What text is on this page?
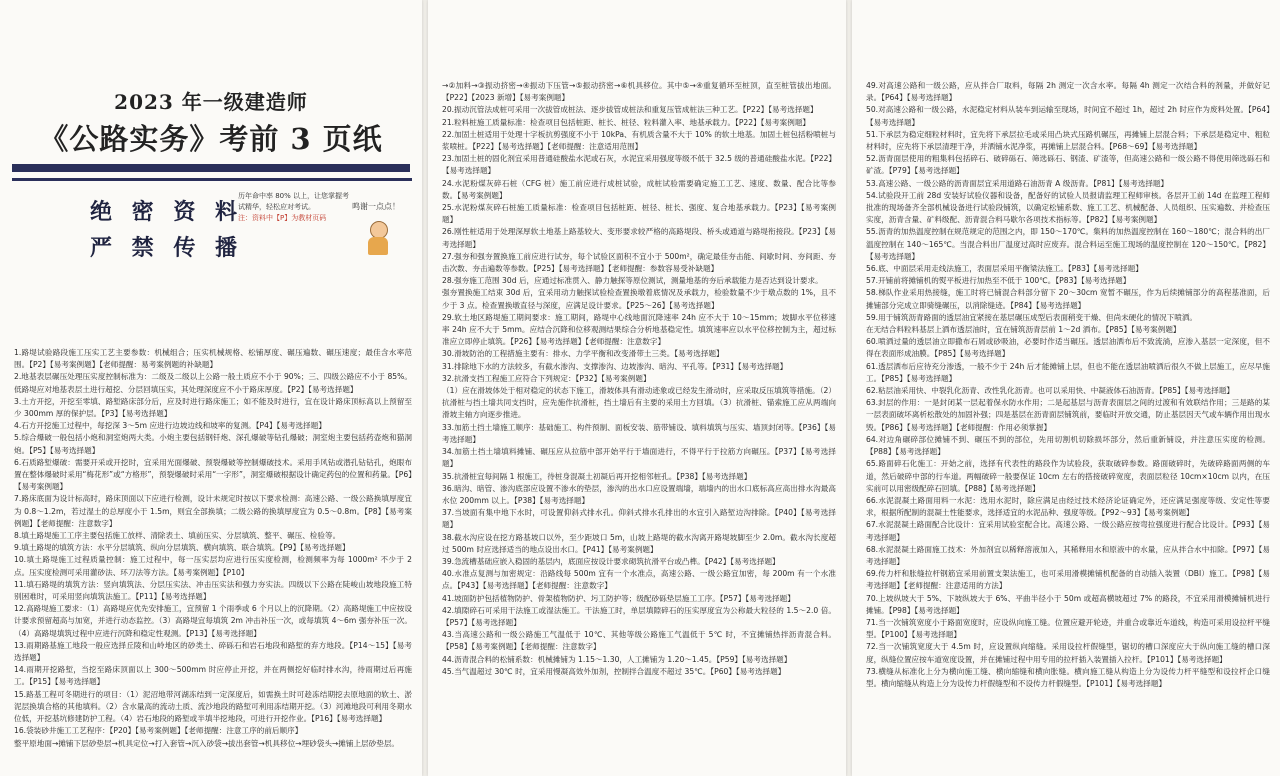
2023 年一级建造师
《公路实务》考前 3 页纸
绝 密 资 料
严 禁 传 播
历年命中率 80% 以上，让您掌握考试精华，轻松应对考试。
注：资料中【P】为教材页码
鸣谢一点点！

1.路堤试验路段施工压实工艺主要参数：机械组合；压实机械规格、松铺厚度、碾压遍数、碾压速度；最佳含水率范围。【P2】【易考案例题】【老师提醒：易考案例题的补缺题】

2.地基表层碾压处理压实度控制标准为：二级及二级以上公路一般土质应不小于 90%；三、四级公路应不小于 85%。低路堤应对地基表层土进行超挖、分层回填压实，其处理深度应不小于路床厚度。【P2】【易考选择题】

3.土方开挖，开挖至零填、路堑路床部分后，应及时进行路床施工；如不能及时进行，宜在设计路床顶标高以上预留至少 300mm 厚的保护层。【P3】【易考选择题】

4.石方开挖施工过程中，每挖深 3～5m 应进行边坡边线和坡率的复测。【P4】【易考选择题】

5.综合爆破一般包括小炮和洞室炮两大类。小炮主要包括钢钎炮、深孔爆破等钻孔爆破；洞室炮主要包括药壶炮和猫洞炮。【P5】【易考选择题】

6.石质路堑爆破：需要开采或开挖时，宜采用光面爆破、预裂爆破等控制爆破技术。采用手风钻或潜孔钻钻孔，炮眼布置在整体爆破时采用“梅花形”或“方格形”，预裂爆破时采用“一字形”，洞室爆破根据设计确定药包的位置和药量。【P6】【易考案例题】

7.路床底面为设计标高时，路床顶面以下应进行检测，设计未规定时按以下要求检测：高速公路、一级公路换填厚度宜为 0.8～1.2m，若过湿土的总厚度小于 1.5m，则宜全部换填；二级公路的换填厚度宜为 0.5～0.8m。【P8】【易考案例题】【老师提醒：注意数字】

8.填土路堤施工工序主要包括施工放样、清除表土、填前压实、分层填筑、整平、碾压、检验等。

9.填土路堤的填筑方法：水平分层填筑、纵向分层填筑、横向填筑、联合填筑。【P9】【易考选择题】

10.填土路堤施工过程质量控制：施工过程中，每一压实层均应进行压实度检测，检测频率为每 1000m² 不少于 2 点。压实度检测可采用灌砂法、环刀法等方法。【易考案例题】【P10】

11.填石路堤的填筑方法：竖向填筑法、分层压实法、冲击压实法和强力夯实法。四级以下公路在陡峻山坡地段施工特别困难时，可采用竖向填筑法施工。【P11】【易考选择题】

12.高路堤施工要求：（1）高路堤应优先安排施工，宜预留 1 个雨季或 6 个月以上的沉降期。（2）高路堤施工中应按设计要求预留超高与加宽，并进行动态监控。（3）高路堤宜每填筑 2m 冲击补压一次，或每填筑 4～6m 强夯补压一次。（4）高路堤填筑过程中应进行沉降和稳定性观测。【P13】【易考选择题】

13.雨期路基施工地段一般应选择丘陵和山岭地区的砂类土、碎砾石和岩石地段和路堑的弃方地段。【P14～15】【易考选择题】

14.雨期开挖路堑，当挖至路床顶面以上 300～500mm 时应停止开挖，并在两侧挖好临时排水沟，待雨期过后再施工。【P15】【易考选择题】

15.路基工程可冬期进行的项目：（1）泥沼地带河湖冻结到一定深度后，如需换土时可趁冻结期挖去原地面的软土、淤泥层换填合格的其他填料。（2）含水量高的流动土质、流沙地段的路堑可利用冻结期开挖。（3）河滩地段可利用冬期水位低，开挖基坑修建防护工程。（4）岩石地段的路堑或半填半挖地段，可进行开挖作业。【P16】【易考选择题】

16.袋装砂井施工工艺程序：【P20】【易考案例题】【老师提醒：注意工序的前后顺序】

整平原地面→摊铺下层砂垫层→机具定位→打入套管→沉入砂袋→拔出套管→机具移位→埋砂袋头→摊铺上层砂垫层。

→②加料→③振动挤密→④振动下压管→⑤振动挤密→⑥机具移位。其中⑤→④重复循环至桩顶，直至桩管拔出地面。【P22】【2023 新增】【易考案例题】

20.振动沉管法成桩可采用一次拔管成桩法、逐步拔管成桩法和重复压管成桩法三种工艺。【P22】【易考选择题】

21.粒料桩施工质量标准：检查项目包括桩距、桩长、桩径、粒料灌入率、地基承载力。【P22】【易考案例题】

22.加固土桩适用于处理十字板抗剪强度不小于 10kPa、有机质含量不大于 10% 的软土地基。加固土桩包括粉喷桩与浆喷桩。【P22】【易考选择题】【老师提醒：注意适用范围】

23.加固土桩的固化剂宜采用普通硅酸盐水泥或石灰，水泥宜采用强度等级不低于 32.5 级的普通硅酸盐水泥。【P22】【易考选择题】

24.水泥粉煤灰碎石桩（CFG 桩）施工前应进行成桩试验，成桩试验需要确定施工工艺、速度、数量、配合比等参数。【易考案例题】

25.水泥粉煤灰碎石桩施工质量标准：检查项目包括桩距、桩径、桩长、强度、复合地基承载力。【P23】【易考案例题】

26.刚性桩适用于处理深厚软土地基上路基较大、变形要求较严格的高路堤段、桥头或通道与路堤衔接段。【P23】【易考选择题】

27.强夯和强夯置换施工前应进行试夯，每个试验区面积不宜小于 500m²，确定最佳夯击能、间歇时间、夯间距、夯击次数、夯击遍数等参数。【P25】【易考选择题】【老师提醒：参数容易受补缺题】

28.强夯施工范围 30d 后，应通过标准贯入、静力触探等原位测试，测量地基的夯后承载能力是否达到设计要求。

强夯置换施工结束 30d 后，宜采用动力触探试验检查置换墩着底情况及承载力，检验数量不少于墩点数的 1%，且不少于 3 点。检查置换墩直径与深度，应满足设计要求。【P25～26】【易考选择题】

29.软土地区路堤施工期间要求：施工期间，路堤中心线地面沉降速率 24h 应不大于 10～15mm；坡脚水平位移速率 24h 应不大于 5mm。应结合沉降和位移观测结果综合分析地基稳定性。填筑速率应以水平位移控制为主，超过标准应立即停止填筑。【P26】【易考选择题】【老师提醒：注意数字】

30.滑坡防治的工程措施主要有：排水、力学平衡和改变滑带土三类。【易考选择题】

31.排除地下水的方法较多，有截水渗沟、支撑渗沟、边坡渗沟、暗沟、平孔等。【P31】【易考选择题】

32.抗滑支挡工程施工应符合下列规定：【P32】【易考案例题】

（1）应在滑坡体处于相对稳定的状态下施工，滑坡体具有滑动迹象或已经发生滑动时，应采取反压填筑等措施。（2）抗滑桩与挡土墙共同支挡时，应先施作抗滑桩，挡土墙后有主要的采用土方回填。（3）抗滑桩、锚索施工应从两端向滑坡主轴方向逐步推进。

33.加筋土挡土墙施工顺序：基础施工、构件预制、面板安装、筋带铺设、填料填筑与压实、墙顶封闭等。【P36】【易考选择题】

34.加筋土挡土墙填料摊铺、碾压应从拉筋中部开始平行于墙面进行，不得平行于拉筋方向碾压。【P37】【易考选择题】

35.抗滑桩宜每间隔 1 根施工，待桩身混凝土初凝后再开挖相邻桩孔。【P38】【易考选择题】

36.暗沟、暗管、渗沟底部应设置不渗水的垫层，渗沟的出水口应设置端墙，端墙内的出水口底标高应高出排水沟最高水位 200mm 以上。【P38】【易考选择题】

37.当坡面有集中地下水时，可设置仰斜式排水孔。仰斜式排水孔排出的水宜引入路堑边沟排除。【P40】【易考选择题】

38.截水沟应设在挖方路基坡口以外，至少距坡口 5m，山坡上路堤的截水沟离开路堤坡脚至少 2.0m。截水沟长度超过 500m 时应选择适当的地点设出水口。【P41】【易考案例题】

39.急流槽基础应嵌入稳固的基层内，底面应按设计要求砌筑抗滑平台或凸榫。【P42】【易考选择题】

40.水准点复测与加密规定：沿路线每 500m 宜有一个水准点，高速公路、一级公路宜加密，每 200m 有一个水准点。【P43】【易考选择题】【老师提醒：注意数字】

41.坡面防护包括植物防护、骨架植物防护、圬工防护等；级配砂砾垫层施工工序。【P57】【易考选择题】

42.填隙碎石可采用干法施工或湿法施工。干法施工时，单层填隙碎石的压实厚度宜为公称最大粒径的 1.5～2.0 倍。【P57】【易考选择题】

43.当高速公路和一级公路施工气温低于 10℃、其他等级公路施工气温低于 5℃ 时，不宜摊铺热拌沥青混合料。【P58】【易考案例题】【老师提醒：注意数字】

44.沥青混合料的松铺系数：机械摊铺为 1.15～1.30，人工摊铺为 1.20～1.45。【P59】【易考选择题】

45.当气温超过 30℃ 时，宜采用慢凝高效外加剂，控制拌合温度不超过 35℃。【P60】【易考选择题】

49.对高速公路和一级公路，应从拌合厂取料，每隔 2h 测定一次含水率。每隔 4h 测定一次结合料的剂量，并做好记录。【P64】【易考选择题】

50.对高速公路和一级公路，水泥稳定材料从装车到运输至现场，时间宜不超过 1h，超过 2h 时应作为废料处置。【P64】【易考选择题】

51.下承层为稳定细粒材料时，宜先将下承层拉毛或采用凸块式压路机碾压，再摊铺上层混合料；下承层是稳定中、粗粒材料时，应先将下承层清理干净，并洒铺水泥净浆，再摊铺上层混合料。【P68～69】【易考选择题】

52.沥青面层使用的粗集料包括碎石、破碎砾石、筛选砾石、钢渣、矿渣等，但高速公路和一级公路不得使用筛选砾石和矿渣。【P79】【易考选择题】

53.高速公路、一级公路的沥青面层宜采用道路石油沥青 A 级沥青。【P81】【易考选择题】

54.试验段开工前 28d 安装好试验仪器和设备，配备好的试验人员报请监理工程师审核。各层开工前 14d 在监理工程师批准的现场备齐全部机械设备进行试验段铺筑，以确定松铺系数、施工工艺、机械配备、人员组织、压实遍数、并检查压实度，沥青含量、矿料级配、沥青混合料马歇尔各项技术指标等。【P82】【易考案例题】

55.沥青的加热温度控制在规范规定的范围之内，即 150～170℃。集料的加热温度控制在 160～180℃；混合料的出厂温度控制在 140～165℃。当混合料出厂温度过高时应废弃。混合料运至施工现场的温度控制在 120～150℃。【P82】【易考选择题】

56.底、中面层采用走线法施工，表面层采用平衡梁法施工。【P83】【易考选择题】

57.开铺前将摊铺机的熨平板进行加热至不低于 100℃。【P83】【易考选择题】

58.梯队作业采用热接缝，施工时将已铺混合料部分留下 20～30cm 宽暂不碾压，作为后续摊铺部分的高程基准面，后摊铺部分完成立即骑缝碾压，以消除缝迹。【P84】【易考选择题】

59.用于铺筑沥青路面的透层油宜紧接在基层碾压成型后表面稍变干燥、但尚未硬化的情况下喷洒。

在无结合料粒料基层上洒布透层油时，宜在铺筑沥青层前 1～2d 洒布。【P85】【易考案例题】

60.喷洒过量的透层油立即撒布石屑或砂吸油，必要时作适当碾压。透层油洒布后不致流淌，应渗入基层一定深度，但不得在表面形成油膜。【P85】【易考选择题】

61.透层洒布后应待充分渗透，一般不少于 24h 后才能摊铺上层，但也不能在透层油喷洒后很久不做上层施工，应尽早施工。【P85】【易考选择题】

62.粘层油采用快、中裂乳化沥青、改性乳化沥青。也可以采用快、中凝液体石油沥青。【P85】【易考选择题】

63.封层的作用：一是封闭某一层起着保水防水作用；二是起基层与沥青表面层之间的过渡和有效联结作用；三是路的某一层表面破坏离析松散处的加固补强；四是基层在沥青面层铺筑前，要临时开放交通，防止基层因天气或车辆作用出现水毁。【P86】【易考选择题】【老师提醒：作用必须掌握】

64.对边角碾碎部位摊铺不到、碾压不到的部位，先用切割机切除损坏部分，然后重新铺设，并注意压实度的检测。【P88】【易考选择题】

65.路面碎石化施工：开始之前，选择有代表性的路段作为试验段，获取破碎参数。路面破碎时，先破碎路面两侧的车道，然后破碎中部的行车道。两幅破碎一般要保证 10cm 左右的搭接破碎宽度，表面层粒径 10cm×10cm 以内，在压实前可以用密级配碎石回填。【P88】【易考选择题】

66.水泥混凝土路面用料一水泥：选用水泥时，除应满足由经过技术经济论证确定外，还应满足强度等级、安定性等要求，根据所配制的混凝土性能要求，选择适宜的水泥品种、强度等级。【P92～93】【易考案例题】

67.水泥混凝土路面配合比设计：宜采用试验室配合比。高速公路、一级公路应按弯拉强度进行配合比设计。【P93】【易考选择题】

68.水泥混凝土路面施工技术：外加剂宜以稀释溶液加入，其稀释用水和原液中的水量，应从拌合水中扣除。【P97】【易考选择题】

69.传力杆和胀缝拉杆钢筋宜采用前置支架法施工，也可采用滑模摊铺机配备的自动插入装置（DBI）施工。【P98】【易考选择题】【老师提醒：注意适用的方法】

70.上坡纵坡大于 5%、下坡纵坡大于 6%、平曲半径小于 50m 或超高横坡超过 7% 的路段，不宜采用滑模摊铺机进行摊铺。【P98】【易考选择题】

71.当一次铺筑宽度小于路面宽度时，应设纵向施工缝。位置应避开轮迹，并重合或靠近车道线，构造可采用设拉杆平缝型。【P100】【易考选择题】

72.当一次铺筑宽度大于 4.5m 时，应设置纵向缩缝。采用设拉杆假缝型，锯切的槽口深度应大于纵向施工缝的槽口深度，纵缝位置应按车道宽度设置，并在摊铺过程中用专用的拉杆插入装置插入拉杆。【P101】【易考选择题】

73.横缝从标准化上分为横向施工缝、横向缩缝和横向胀缝。横向施工缝从构造上分为设传力杆平缝型和设拉杆企口缝型。横向缩缝从构造上分为设传力杆假缝型和不设传力杆假缝型。【P101】【易考选择题】
